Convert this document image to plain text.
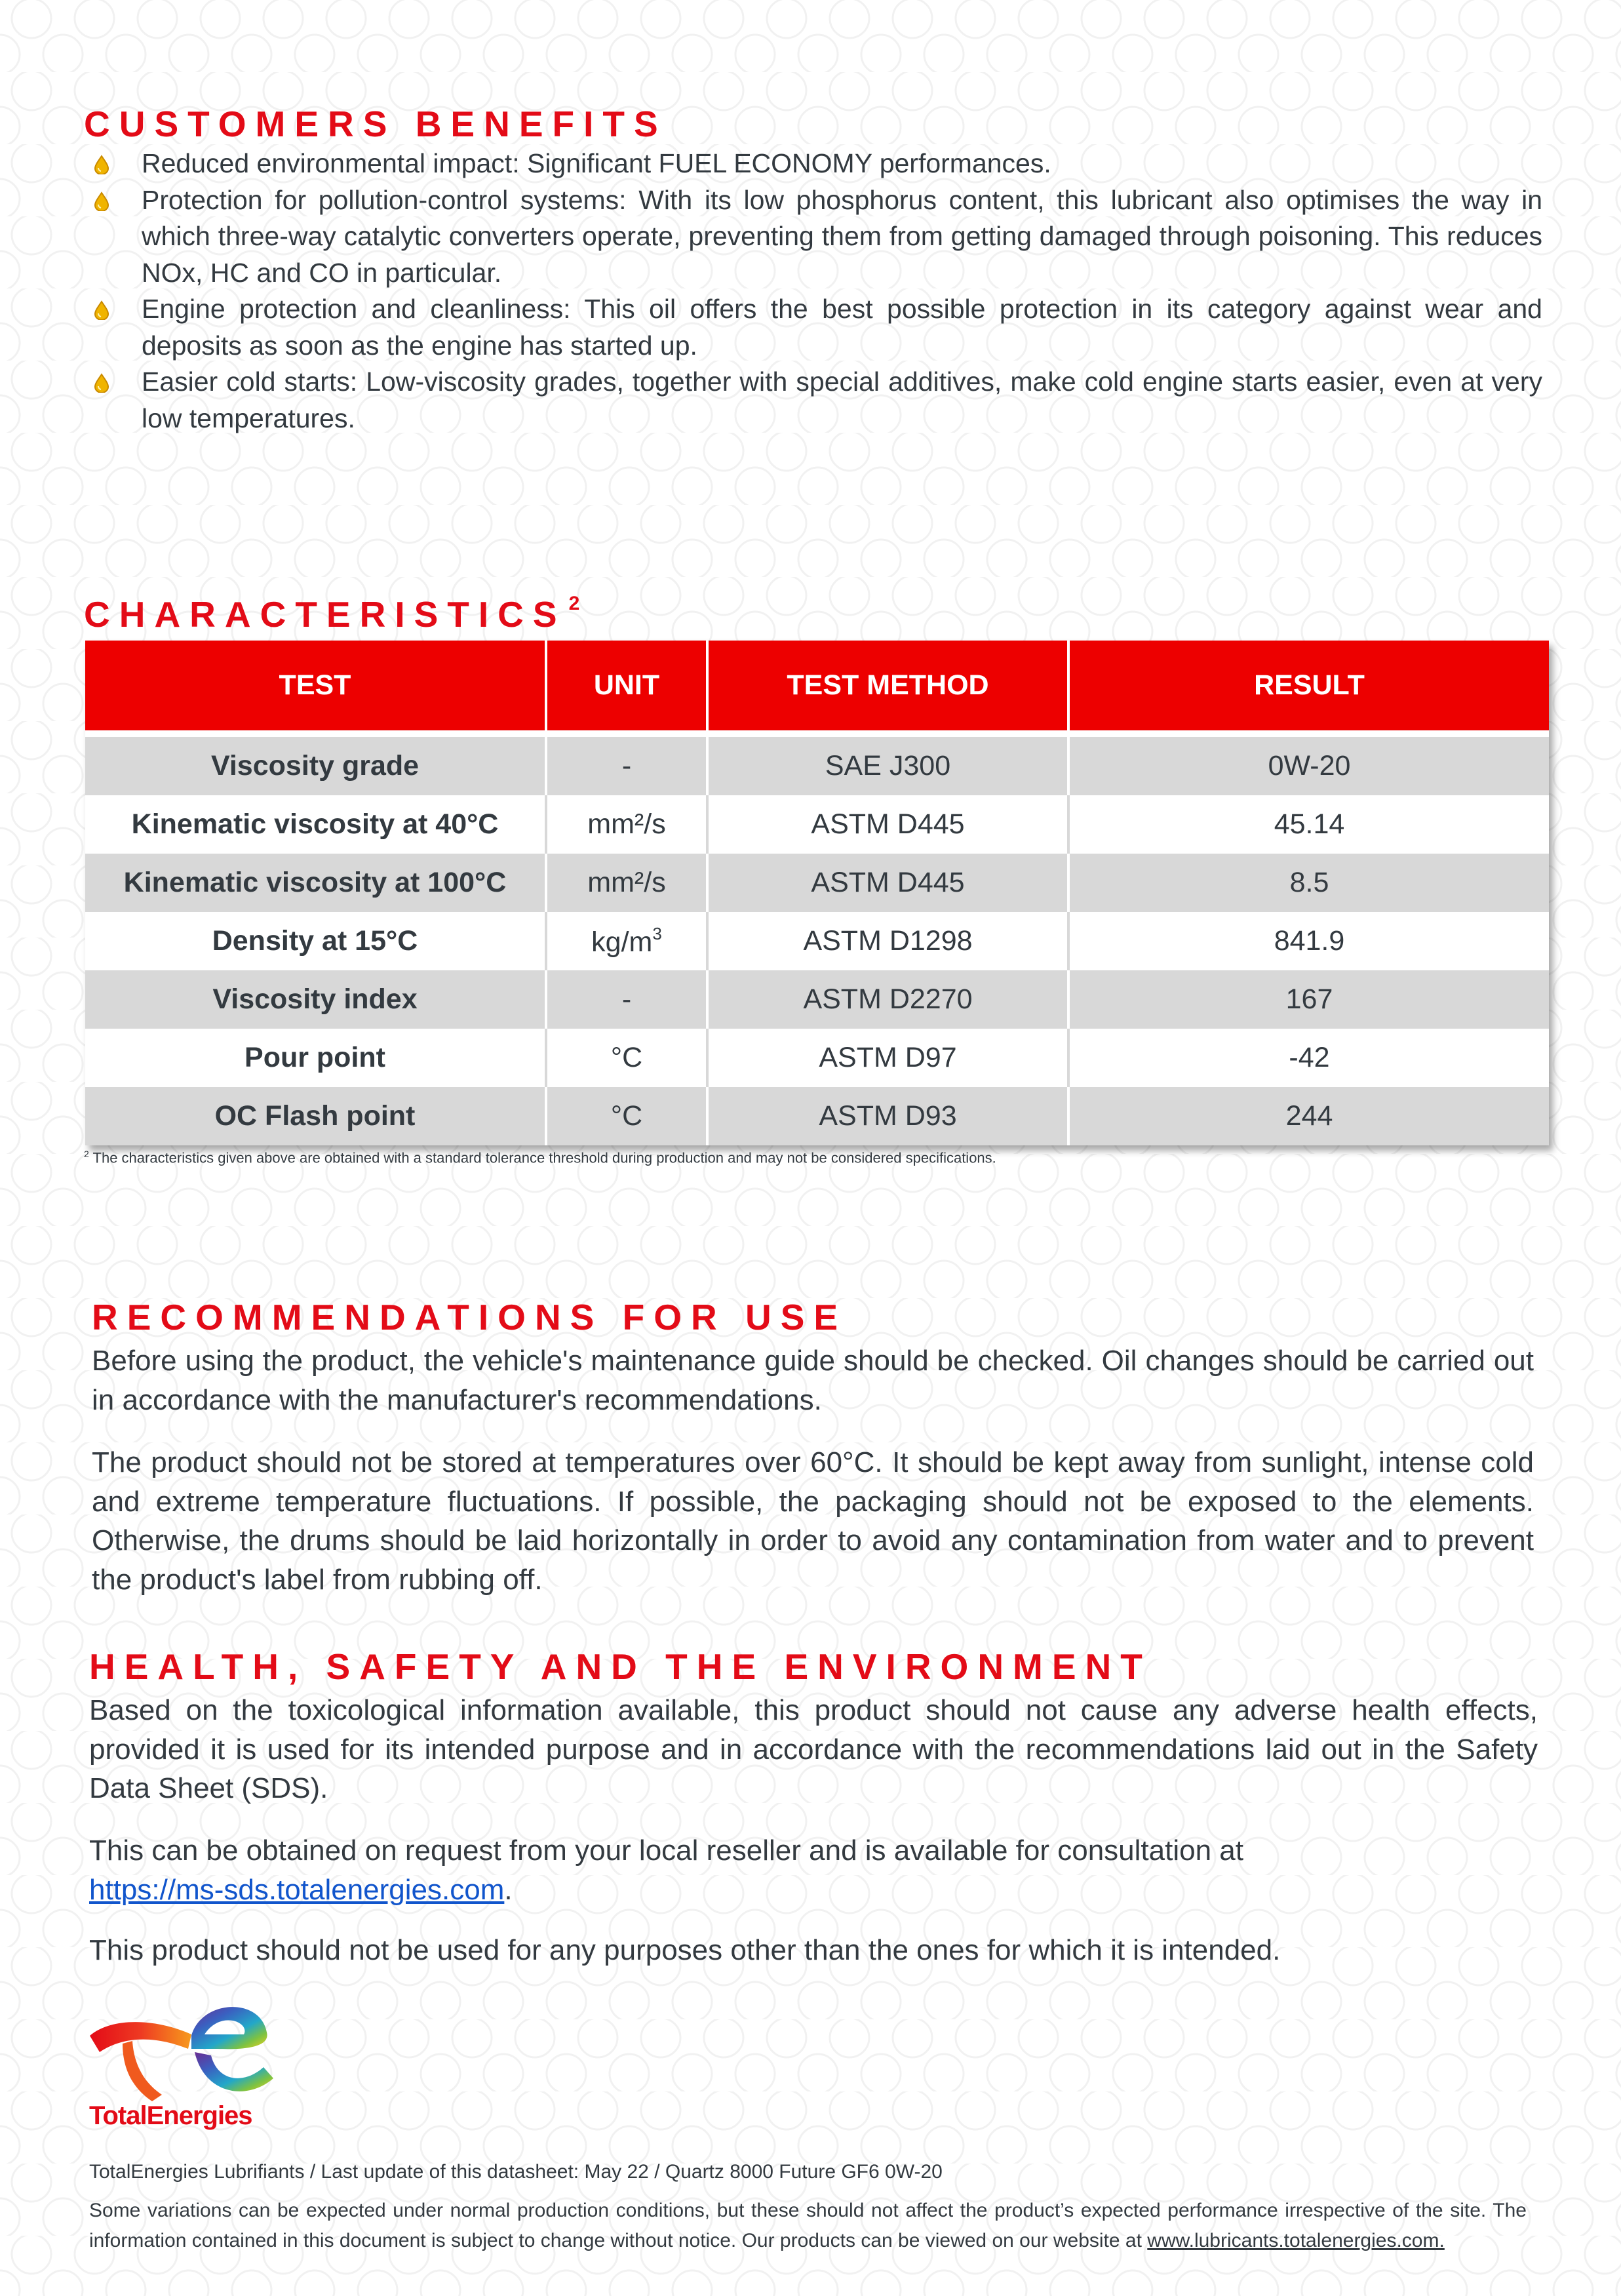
CUSTOMERS BENEFITS
Reduced environmental impact: Significant FUEL ECONOMY performances.
Protection for pollution-control systems: With its low phosphorus content, this lubricant also optimises the way in which three-way catalytic converters operate, preventing them from getting damaged through poisoning. This reduces NOx, HC and CO in particular.
Engine protection and cleanliness: This oil offers the best possible protection in its category against wear and deposits as soon as the engine has started up.
Easier cold starts: Low-viscosity grades, together with special additives, make cold engine starts easier, even at very low temperatures.
CHARACTERISTICS $^2$
TEST	UNIT	TEST METHOD	RESULT

Viscosity grade	-	SAE J300	0W-20
Kinematic viscosity at 40°C	mm²/s	ASTM D445	45.14
Kinematic viscosity at 100°C	mm²/s	ASTM D445	8.5
Density at 15°C	$kg/m^3$	ASTM D1298	841.9
Viscosity index	-	ASTM D2270	167
Pour point	°C	ASTM D97	-42
OC Flash point	°C	ASTM D93	244
$^2$ The characteristics given above are obtained with a standard tolerance threshold during production and may not be considered specifications.
RECOMMENDATIONS FOR USE

Before using the product, the vehicle's maintenance guide should be checked. Oil changes should be carried out in accordance with the manufacturer's recommendations.

The product should not be stored at temperatures over 60°C. It should be kept away from sunlight, intense cold and extreme temperature fluctuations. If possible, the packaging should not be exposed to the elements. Otherwise, the drums should be laid horizontally in order to avoid any contamination from water and to prevent the product's label from rubbing off.

HEALTH, SAFETY AND THE ENVIRONMENT

Based on the toxicological information available, this product should not cause any adverse health effects, provided it is used for its intended purpose and in accordance with the recommendations laid out in the Safety Data Sheet (SDS).

This can be obtained on request from your local reseller and is available for consultation at
https://ms-sds.totalenergies.com.

This product should not be used for any purposes other than the ones for which it is intended.

TotalEnergies

TotalEnergies Lubrifiants / Last update of this datasheet: May 22 / Quartz 8000 Future GF6 0W-20

Some variations can be expected under normal production conditions, but these should not affect the product’s expected performance irrespective of the site. The information contained in this document is subject to change without notice. Our products can be viewed on our website at www.lubricants.totalenergies.com.
